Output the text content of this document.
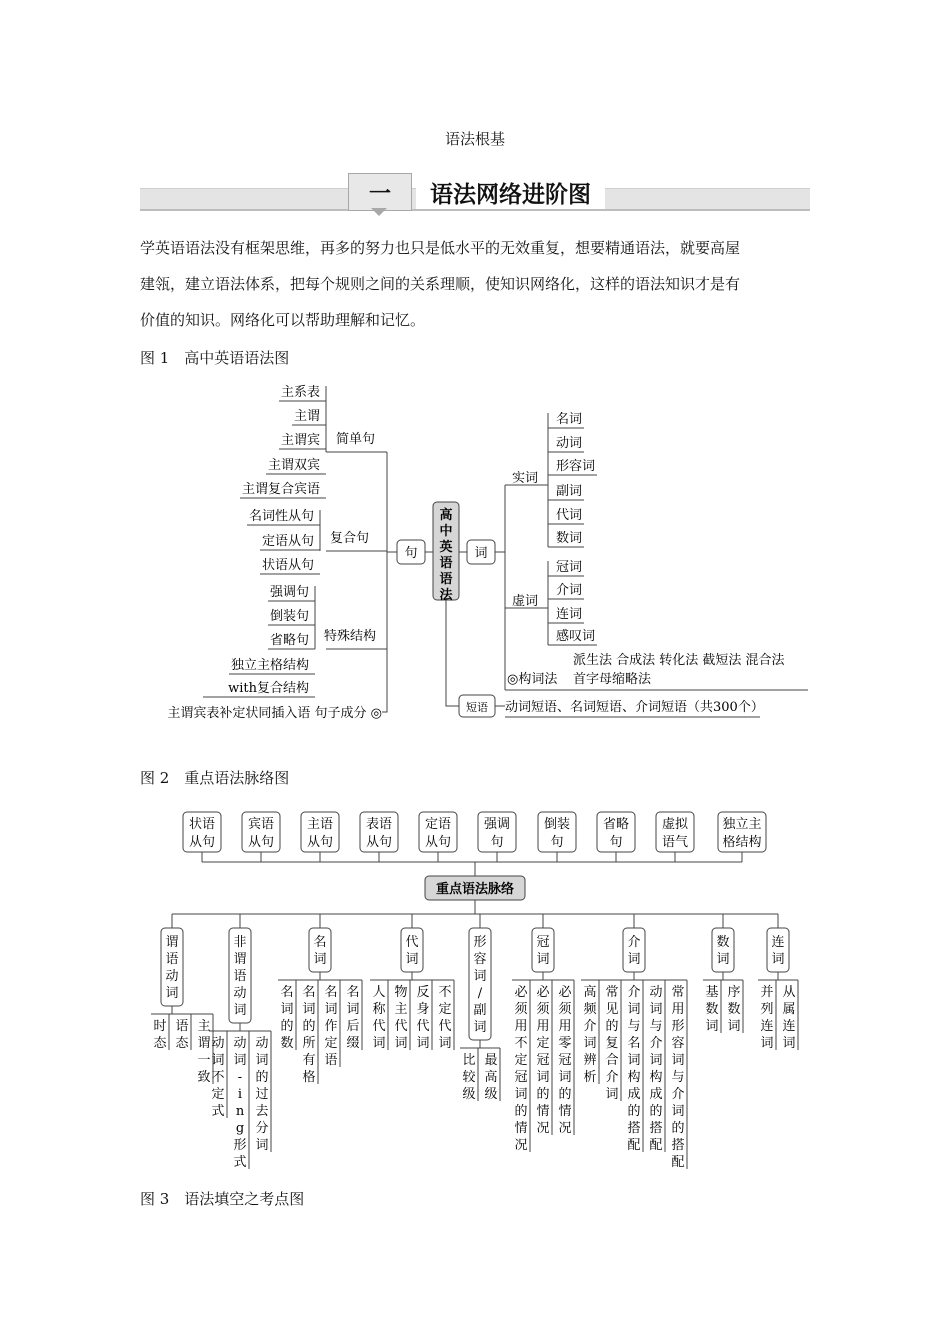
语法根基
一	语法网络进阶图
学英语语法没有框架思维，再多的努力也只是低水平的无效重复，想要精通语法，就要高屋
建瓴，建立语法体系，把每个规则之间的关系理顺，使知识网络化，这样的语法知识才是有
价值的知识。网络化可以帮助理解和记忆。
图 1　高中英语语法图
图 2　重点语法脉络图
图 3　语法填空之考点图
高
中
英
语
语
法
句	词
简单句
主系表
主谓
主谓宾
主谓双宾
主谓复合宾语
复合句
名词性从句
定语从句
状语从句
特殊结构
强调句
倒装句
省略句
独立主格结构
with复合结构
主谓宾表补定状同插入语 句子成分 ◎
实词
虚词
名词
动词
形容词
副词
代词
数词
冠词
介词
连词
感叹词
◎构词法
派生法 合成法 转化法 截短法 混合法
首字母缩略法
短语 动词短语、名词短语、介词短语（共300个）
状语
从句
宾语
从句
主语
从句
表语
从句
定语
从句
强调
句
倒装
句
省略
句
虚拟
语气
独立主
格结构
重点语法脉络
谓
语
动
词
时
态
语
态
主
谓
一
致
非
谓
语
动
词
动
词
不
定
式
动
词
-
i
n
g
形
式
动
词
的
过
去
分
词
名
词
名
词
的
数
名
词
的
所
有
格
名
词
作
定
语
名
词
后
缀
代
词
人
称
代
词
物
主
代
词
反
身
代
词
不
定
代
词
形
容
词
/
副
词
比
较
级
最
高
级
冠
词
必
须
用
不
定
冠
词
的
情
况
必
须
用
定
冠
词
的
情
况
必
须
用
零
冠
词
的
情
况
介
词
高
频
介
词
辨
析
常
见
的
复
合
介
词
介
词
与
名
词
构
成
的
搭
配
动
词
与
介
词
构
成
的
搭
配
常
用
形
容
词
与
介
词
的
搭
配
数
词
基
数
词
序
数
词
连
词
并
列
连
词
从
属
连
词
